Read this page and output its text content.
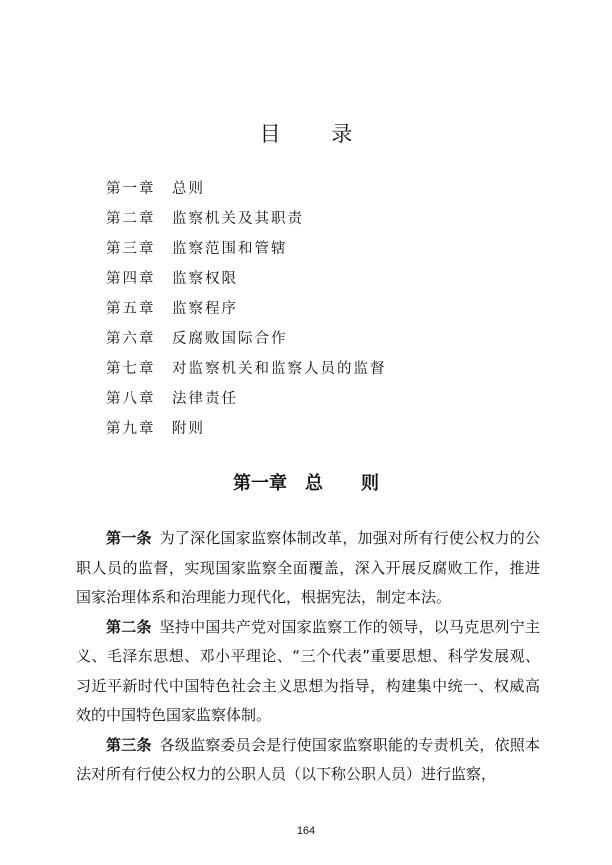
目 录
第一章 总则
第二章 监察机关及其职责
第三章 监察范围和管辖
第四章 监察权限
第五章 监察程序
第六章 反腐败国际合作
第七章 对监察机关和监察人员的监督
第八章 法律责任
第九章 附则
第一章 总 则

第一条 为了深化国家监察体制改革，加强对所有行使公权力的公职人员的监督，实现国家监察全面覆盖，深入开展反腐败工作，推进国家治理体系和治理能力现代化，根据宪法，制定本法。

第二条 坚持中国共产党对国家监察工作的领导，以马克思列宁主义、毛泽东思想、邓小平理论、“三个代表”重要思想、科学发展观、习近平新时代中国特色社会主义思想为指导，构建集中统一、权威高效的中国特色国家监察体制。

第三条 各级监察委员会是行使国家监察职能的专责机关，依照本法对所有行使公权力的公职人员（以下称公职人员）进行监察，

164
